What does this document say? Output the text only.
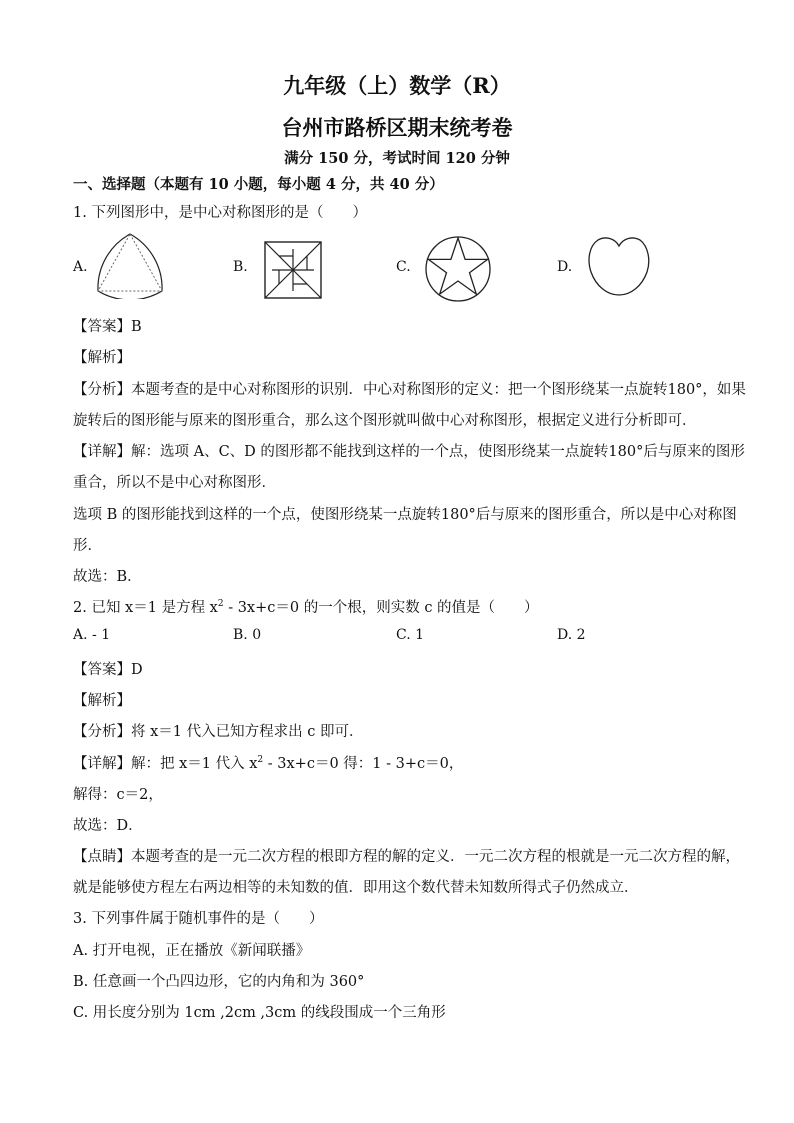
九年级（上）数学（R）
台州市路桥区期末统考卷
满分 150 分，考试时间 120 分钟
一、选择题（本题有 10 小题，每小题 4 分，共 40 分）
1. 下列图形中，是中心对称图形的是（　　）
A.	B.	C.	D.
【答案】B
【解析】
【分析】本题考查的是中心对称图形的识别．中心对称图形的定义：把一个图形绕某一点旋转180°，如果
旋转后的图形能与原来的图形重合，那么这个图形就叫做中心对称图形，根据定义进行分析即可．
【详解】解：选项 A、C、D 的图形都不能找到这样的一个点，使图形绕某一点旋转180°后与原来的图形
重合，所以不是中心对称图形．
选项 B 的图形能找到这样的一个点，使图形绕某一点旋转180°后与原来的图形重合，所以是中心对称图
形．
故选：B．
2. 已知 x＝1 是方程 $x^2 - 3x+c=0$ 的一个根，则实数 c 的值是（　　）
A. - 1	B. 0	C. 1	D. 2
【答案】D
【解析】
【分析】将 x＝1 代入已知方程求出 c 即可．
【详解】解：把 x＝1 代入 $x^2 - 3x+c=0$ 得：1 - 3+c＝0，
解得：c＝2，
故选：D．
【点睛】本题考查的是一元二次方程的根即方程的解的定义．一元二次方程的根就是一元二次方程的解，
就是能够使方程左右两边相等的未知数的值．即用这个数代替未知数所得式子仍然成立．
3. 下列事件属于随机事件的是（　　）
A. 打开电视，正在播放《新闻联播》
B. 任意画一个凸四边形，它的内角和为 360°
C. 用长度分别为 1cm ,2cm ,3cm 的线段围成一个三角形
